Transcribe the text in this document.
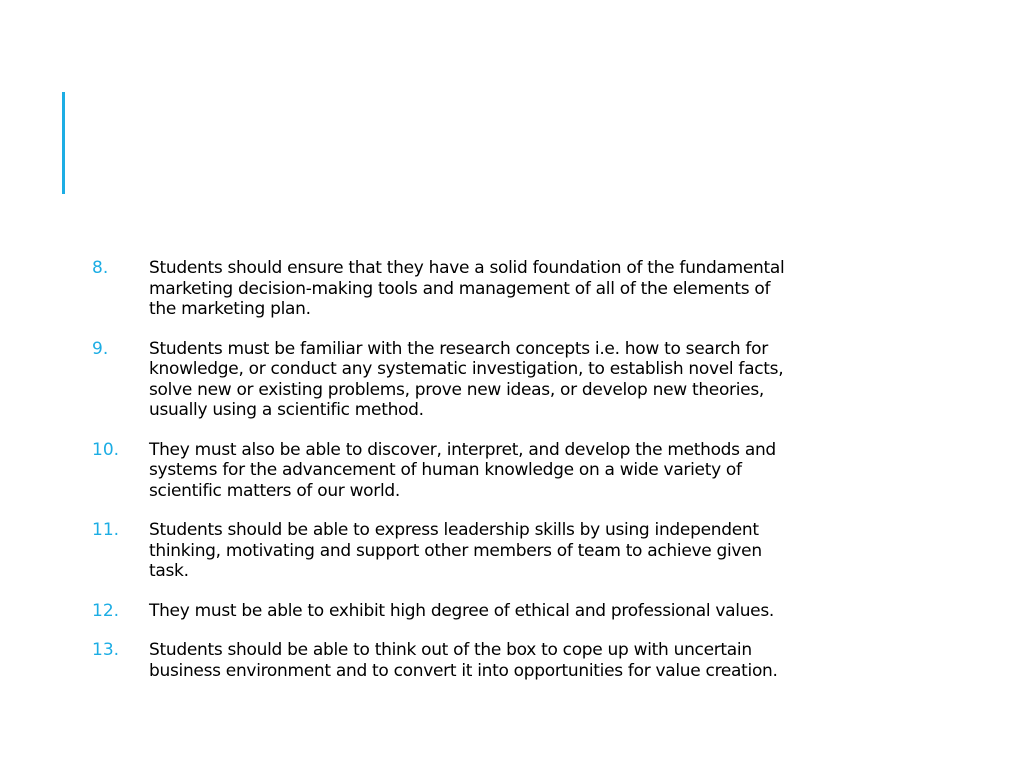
8. Students should ensure that they have a solid foundation of the fundamental
marketing decision-making tools and management of all of the elements of
the marketing plan.
9. Students must be familiar with the research concepts i.e. how to search for
knowledge, or conduct any systematic investigation, to establish novel facts,
solve new or existing problems, prove new ideas, or develop new theories,
usually using a scientific method.
10. They must also be able to discover, interpret, and develop the methods and
systems for the advancement of human knowledge on a wide variety of
scientific matters of our world.
11. Students should be able to express leadership skills by using independent
thinking, motivating and support other members of team to achieve given
task.
12. They must be able to exhibit high degree of ethical and professional values.
13. Students should be able to think out of the box to cope up with uncertain
business environment and to convert it into opportunities for value creation.
